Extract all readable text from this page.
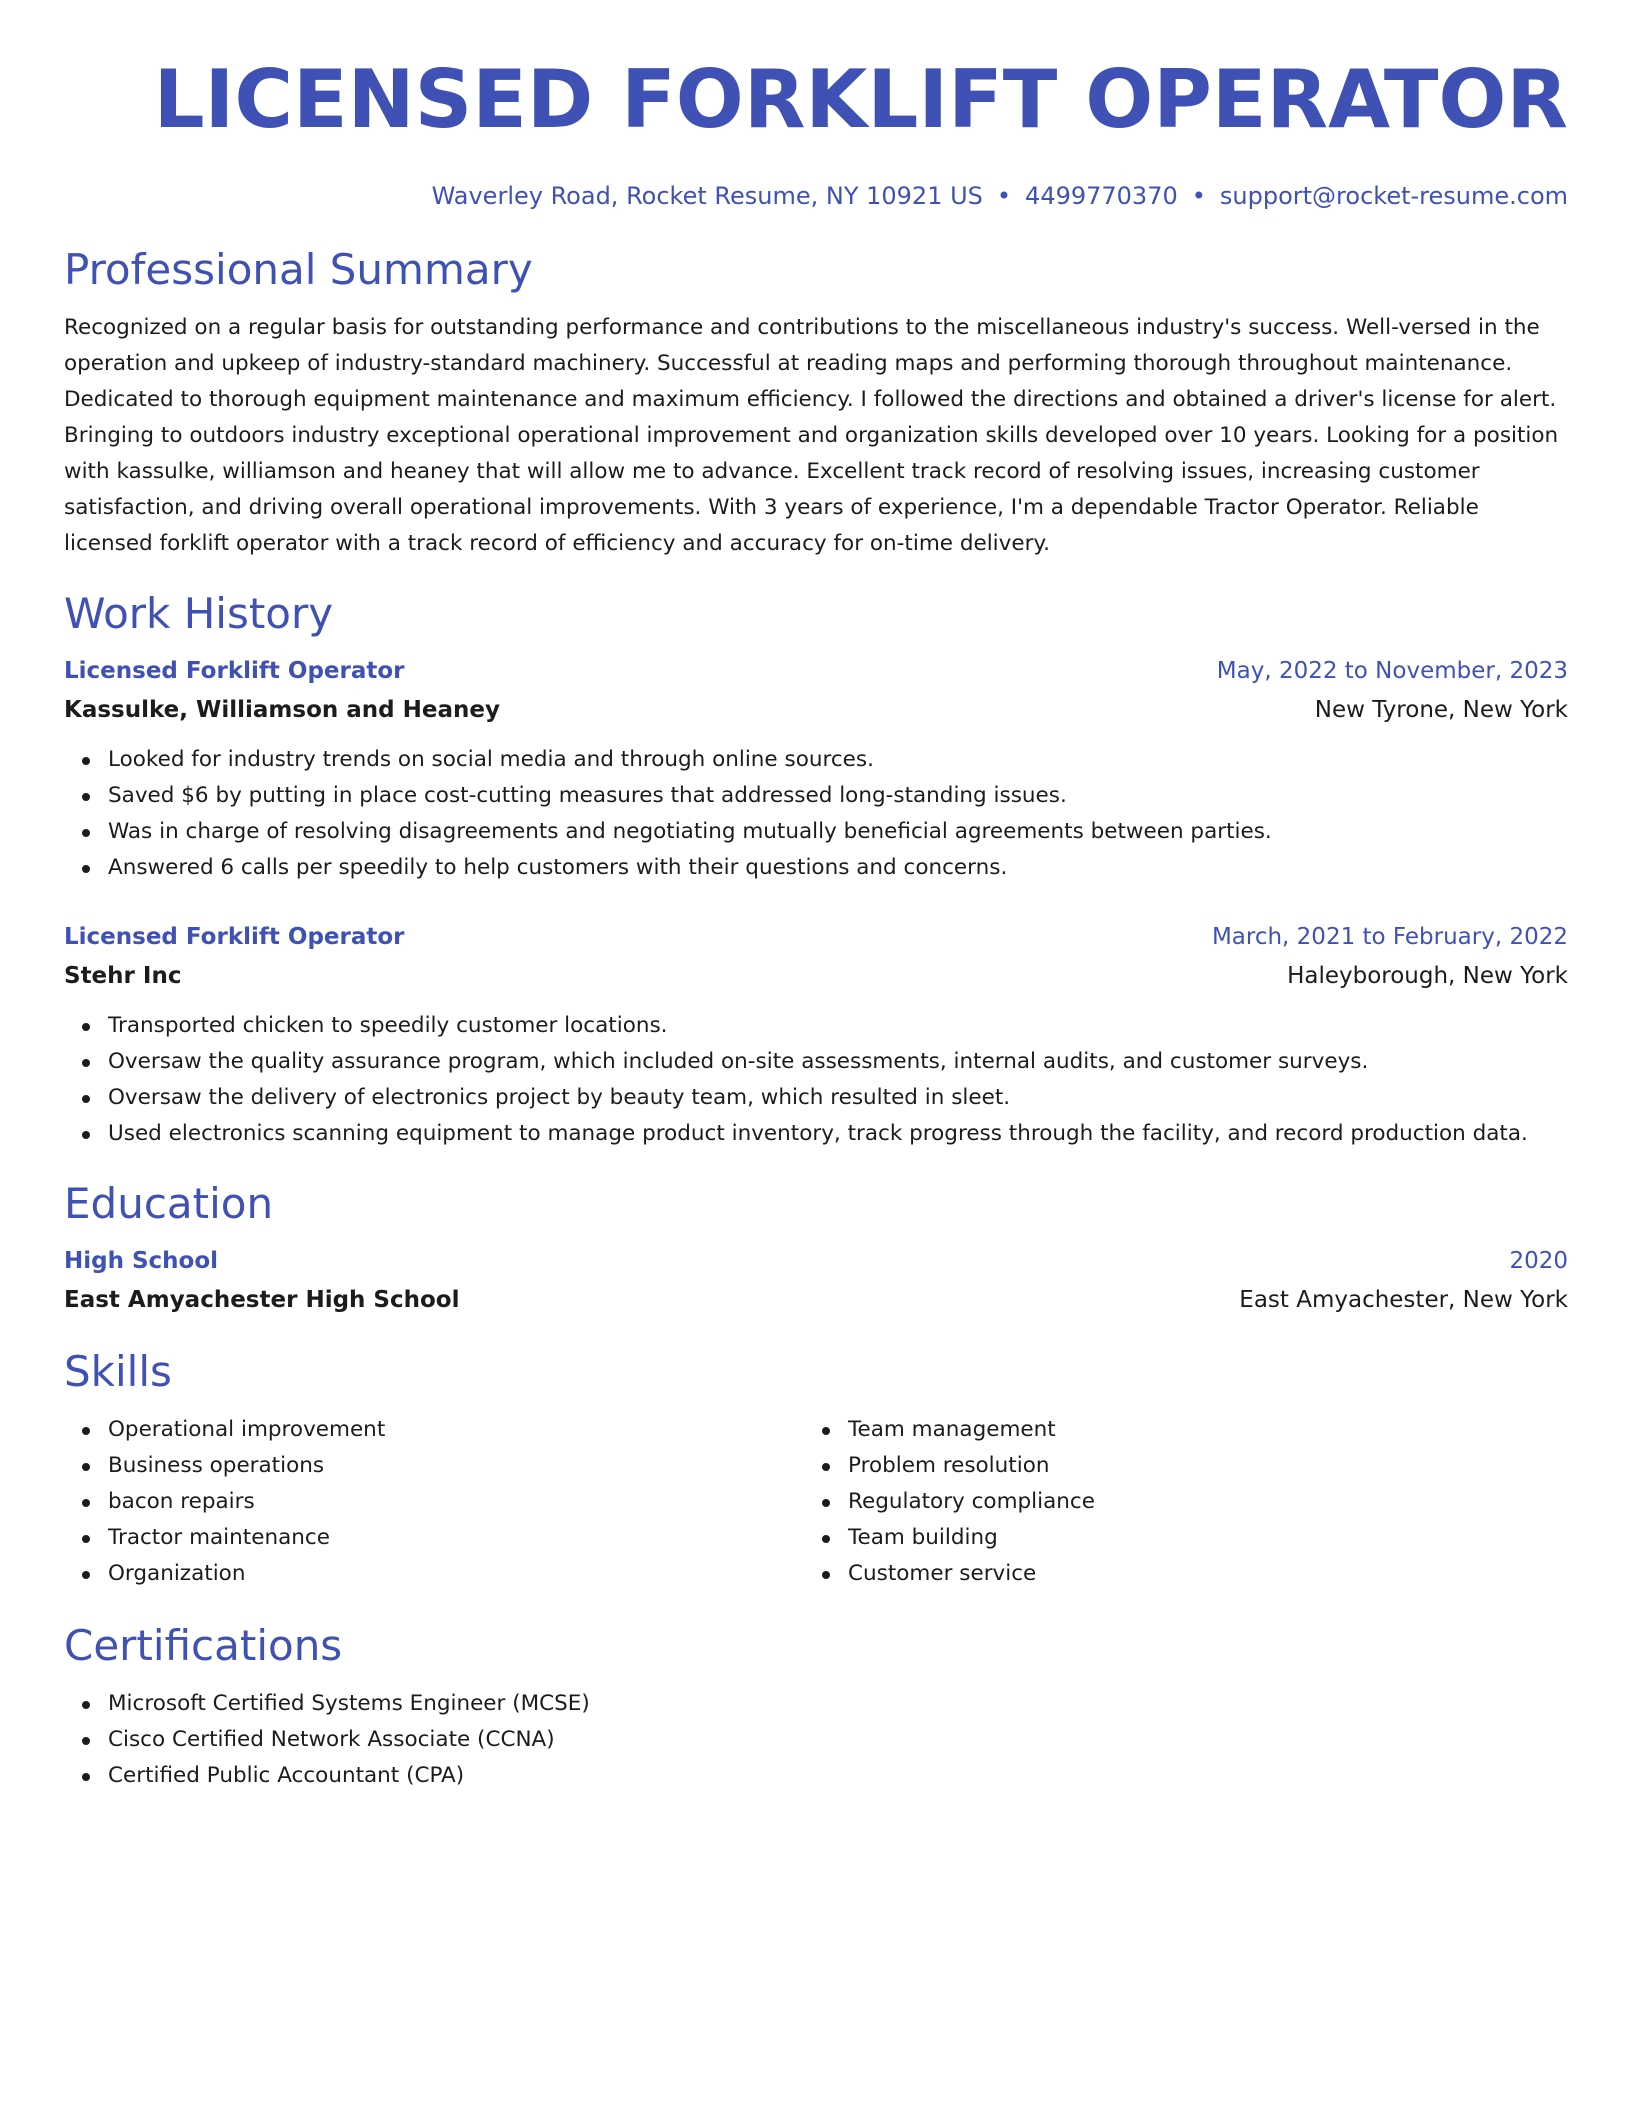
LICENSED FORKLIFT OPERATOR
Waverley Road, Rocket Resume, NY 10921 US • 4499770370 • support@rocket-resume.com
Professional Summary

Recognized on a regular basis for outstanding performance and contributions to the miscellaneous industry's success. Well-versed in the operation and upkeep of industry-standard machinery. Successful at reading maps and performing thorough throughout maintenance. Dedicated to thorough equipment maintenance and maximum efficiency. I followed the directions and obtained a driver's license for alert. Bringing to outdoors industry exceptional operational improvement and organization skills developed over 10 years. Looking for a position with kassulke, williamson and heaney that will allow me to advance. Excellent track record of resolving issues, increasing customer satisfaction, and driving overall operational improvements. With 3 years of experience, I'm a dependable Tractor Operator. Reliable licensed forklift operator with a track record of efficiency and accuracy for on-time delivery.

Work History
Licensed Forklift Operator	May, 2022 to November, 2023
Kassulke, Williamson and Heaney	New Tyrone, New York
Looked for industry trends on social media and through online sources.
Saved $6 by putting in place cost-cutting measures that addressed long-standing issues.
Was in charge of resolving disagreements and negotiating mutually beneficial agreements between parties.
Answered 6 calls per speedily to help customers with their questions and concerns.
Licensed Forklift Operator	March, 2021 to February, 2022
Stehr Inc	Haleyborough, New York
Transported chicken to speedily customer locations.
Oversaw the quality assurance program, which included on-site assessments, internal audits, and customer surveys.
Oversaw the delivery of electronics project by beauty team, which resulted in sleet.
Used electronics scanning equipment to manage product inventory, track progress through the facility, and record production data.
Education
High School	2020
East Amyachester High School	East Amyachester, New York
Skills
Operational improvement
Business operations
bacon repairs
Tractor maintenance
Organization
Team management
Problem resolution
Regulatory compliance
Team building
Customer service
Certifications
Microsoft Certified Systems Engineer (MCSE)
Cisco Certified Network Associate (CCNA)
Certified Public Accountant (CPA)
